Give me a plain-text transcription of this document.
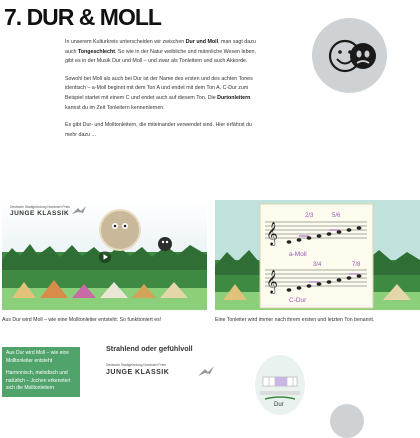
7. DUR & MOLL

In unserem Kulturkreis unterscheiden wir zwischen Dur und Moll, man sagt dazu auch Tongeschlecht. So wie in der Natur weibliche und männliche Wesen leben, gibt es in der Musik Dur und Moll – und zwar als Tonleitern und auch Akkorde.

Sowohl bei Moll als auch bei Dur ist der Name des ersten und des achten Tones identisch – a-Moll beginnt mit dem Ton A und endet mit dem Ton A, C-Dur zum Beispiel startet mit einem C und endet auch auf diesem Ton. Die Durtonleitern kannst du im Zeit Tonleitern kennenlernen.

Es gibt Dur- und Molltonleitern, die miteinander verwendet sind. Hier erfährst du mehr dazu ...

Deutsche Stadtgründung Nominiert Preis
JUNGE KLASSIK
Aus Dur wird Moll – wie eine Molltonleiter entsteht: So funktioniert es!
𝄞
2/3	5/6
a-Moll
𝄞
3/4	7/8
C-Dur
Eine Tonleiter wird immer nach ihrem ersten und letzten Ton benannt.
Aus Dur wird Moll – wie eine Molltonleiter entsteht
Harmonisch, melodisch und natürlich – Jochen erkenntert sich die Molltonleitern
Strahlend oder gefühlvoll
Deutsche Stadtgründung Nominiert Preis
JUNGE KLASSIK
Dur
